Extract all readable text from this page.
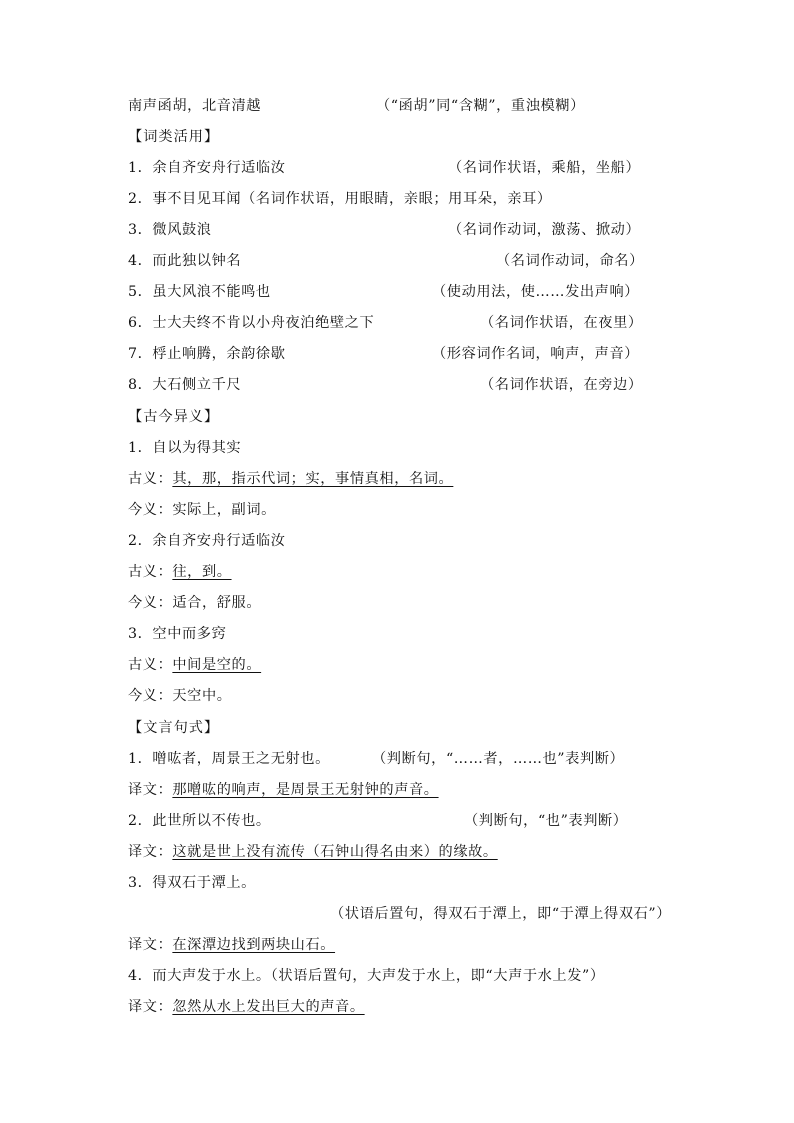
南声函胡，北音清越	（“函胡”同“含糊”，重浊模糊）
【词类活用】
1．余自齐安舟行适临汝	（名词作状语，乘船，坐船）
2．事不目见耳闻（名词作状语，用眼睛，亲眼；用耳朵，亲耳）
3．微风鼓浪	（名词作动词，激荡、掀动）
4．而此独以钟名	（名词作动词，命名）
5．虽大风浪不能鸣也	（使动用法，使……发出声响）
6．士大夫终不肯以小舟夜泊绝壁之下	（名词作状语，在夜里）
7．桴止响腾，余韵徐歇	（形容词作名词，响声，声音）
8．大石侧立千尺	（名词作状语，在旁边）
【古今异义】
1．自以为得其实
古义：其，那，指示代词；实，事情真相，名词。
今义：实际上，副词。
2．余自齐安舟行适临汝
古义：往，到。
今义：适合，舒服。
3．空中而多窍
古义：中间是空的。
今义：天空中。
【文言句式】
1．噌吰者，周景王之无射也。	（判断句，“……者，……也”表判断）
译文：那噌吰的响声，是周景王无射钟的声音。
2．此世所以不传也。	（判断句，“也”表判断）
译文：这就是世上没有流传（石钟山得名由来）的缘故。
3．得双石于潭上。
（状语后置句，得双石于潭上，即“于潭上得双石”）
译文：在深潭边找到两块山石。
4．而大声发于水上。（状语后置句，大声发于水上，即“大声于水上发”）
译文：忽然从水上发出巨大的声音。
